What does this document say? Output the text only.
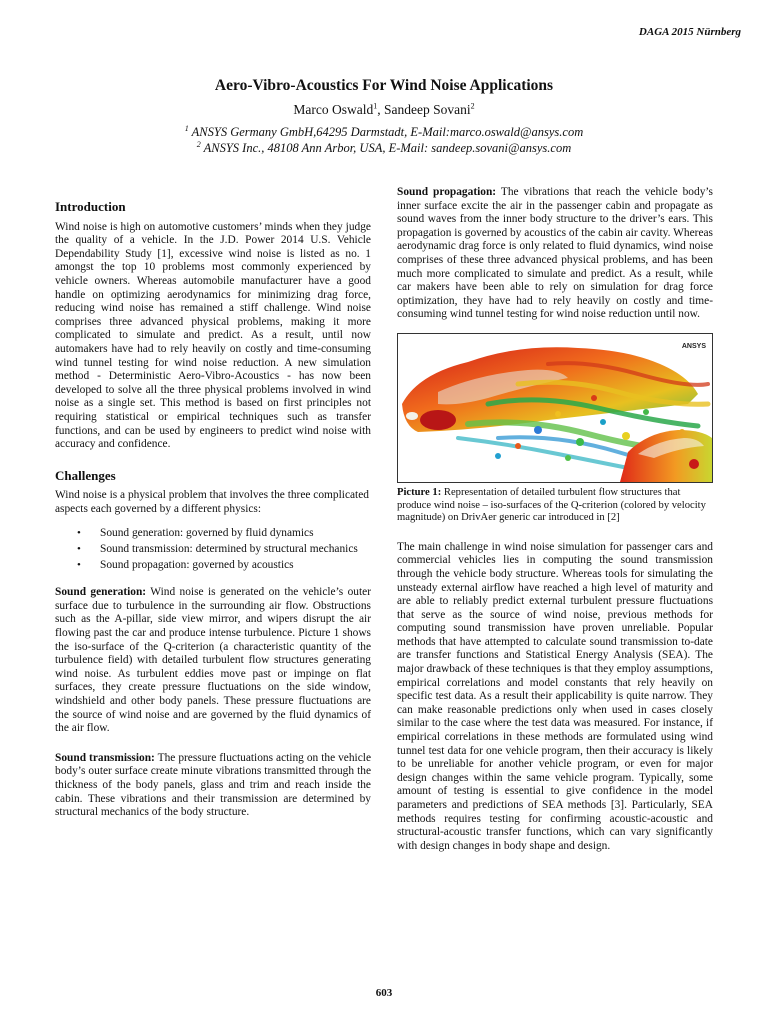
DAGA 2015 Nürnberg
Aero-Vibro-Acoustics For Wind Noise Applications
Marco Oswald$^1$, Sandeep Sovani$^2$
$^1$ ANSYS Germany GmbH,64295 Darmstadt, E-Mail:marco.oswald@ansys.com
$^2$ ANSYS Inc., 48108 Ann Arbor, USA, E-Mail: sandeep.sovani@ansys.com
Introduction

Wind noise is high on automotive customers’ minds when they judge the quality of a vehicle. In the J.D. Power 2014 U.S. Vehicle Dependability Study [1], excessive wind noise is listed as no. 1 amongst the top 10 problems most commonly experienced by vehicle owners. Whereas automobile manufacturer have a good handle on optimizing aerodynamics for minimizing drag force, reducing wind noise has remained a stiff challenge. Wind noise comprises three advanced physical problems, making it more complicated to simulate and predict. As a result, until now automakers have had to rely heavily on costly and time-consuming wind tunnel testing for wind noise reduction. A new simulation method - Deterministic Aero-Vibro-Acoustics - has now been developed to solve all the three physical problems involved in wind noise as a single set. This method is based on first principles not requiring statistical or empirical techniques such as transfer functions, and can be used by engineers to predict wind noise with accuracy and confidence.

Challenges

Wind noise is a physical problem that involves the three complicated aspects each governed by a different physics:

• Sound generation: governed by fluid dynamics
• Sound transmission: determined by structural mechanics
• Sound propagation: governed by acoustics

Sound generation: Wind noise is generated on the vehicle’s outer surface due to turbulence in the surrounding air flow. Obstructions such as the A-pillar, side view mirror, and wipers disrupt the air flowing past the car and produce intense turbulence. Picture 1 shows the iso-surface of the Q-criterion (a characteristic quantity of the turbulence field) with detailed turbulent flow structures generating wind noise. As turbulent eddies move past or impinge on flat surfaces, they create pressure fluctuations on the side window, windshield and other body panels. These pressure fluctuations are the source of wind noise and are governed by the fluid dynamics of the air flow.

Sound transmission: The pressure fluctuations acting on the vehicle body’s outer surface create minute vibrations transmitted through the thickness of the body panels, glass and trim and reach inside the cabin. These vibrations and their transmission are determined by structural mechanics of the body structure.

Sound propagation: The vibrations that reach the vehicle body’s inner surface excite the air in the passenger cabin and propagate as sound waves from the inner body structure to the driver’s ears. This propagation is governed by acoustics of the cabin air cavity. Whereas aerodynamic drag force is only related to fluid dynamics, wind noise comprises of these three advanced physical problems, and has been much more complicated to simulate and predict. As a result, while car makers have been able to rely on simulation for drag force optimization, they have had to rely heavily on costly and time-consuming wind tunnel testing for wind noise reduction until now.

ANSYS
Picture 1: Representation of detailed turbulent flow structures that produce wind noise – iso-surfaces of the Q-criterion (colored by velocity magnitude) on DrivAer generic car introduced in [2]

The main challenge in wind noise simulation for passenger cars and commercial vehicles lies in computing the sound transmission through the vehicle body structure. Whereas tools for simulating the unsteady external airflow have reached a high level of maturity and are able to reliably predict external turbulent pressure fluctuations that serve as the source of wind noise, previous methods for computing sound transmission have proven unreliable. Popular methods that have attempted to calculate sound transmission to-date are transfer functions and Statistical Energy Analysis (SEA). The major drawback of these techniques is that they employ assumptions, empirical correlations and model constants that rely heavily on specific test data. As a result their applicability is quite narrow. They can make reasonable predictions only when used in cases closely similar to the case where the test data was measured. For instance, if empirical correlations in these methods are formulated using wind tunnel test data for one vehicle program, then their accuracy is likely to be unreliable for another vehicle program, or even for major design changes within the same vehicle program. Typically, some amount of testing is essential to give confidence in the model parameters and predictions of SEA methods [3]. Particularly, SEA methods requires testing for confirming acoustic-acoustic and structural-acoustic transfer functions, which can vary significantly with design changes in body shape and design.

603
